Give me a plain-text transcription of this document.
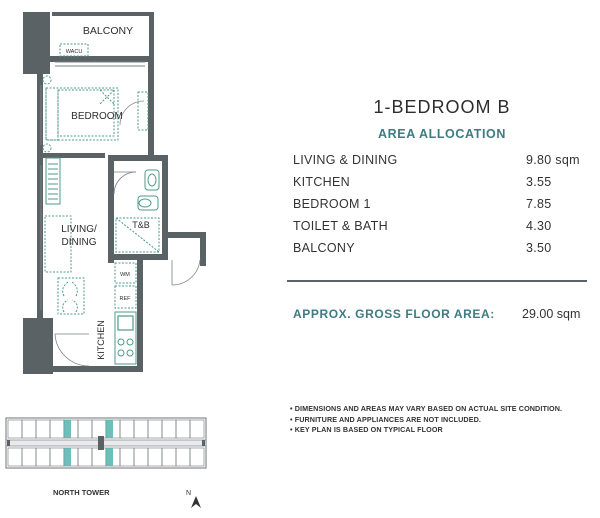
WACU
BALCONY
BEDROOM
T&B
LIVING/
DINING
WM
REF
KITCHEN
1-BEDROOM B
AREA ALLOCATION
LIVING & DINING	9.80 sqm
KITCHEN	3.55
BEDROOM 1	7.85
TOILET & BATH	4.30
BALCONY	3.50
APPROX. GROSS FLOOR AREA: 29.00 sqm
• DIMENSIONS AND AREAS MAY VARY BASED ON ACTUAL SITE CONDITION.
• FURNITURE AND APPLIANCES ARE NOT INCLUDED.
• KEY PLAN IS BASED ON TYPICAL FLOOR
NORTH TOWER	N
